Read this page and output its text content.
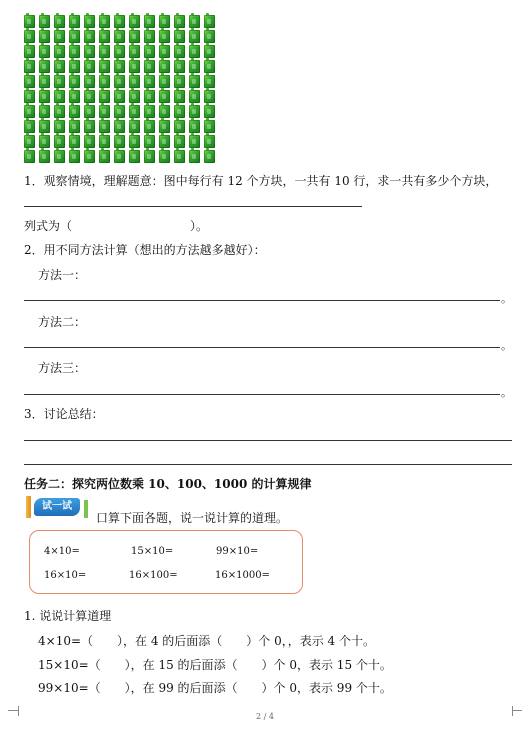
1．观察情境，理解题意：图中每行有 12 个方块，一共有 10 行，求一共有多少个方块，
列式为（	）。
2．用不同方法计算（想出的方法越多越好）：
方法一：
。
方法二：
。
方法三：
。
3．讨论总结：
任务二：探究两位数乘 10、100、1000 的计算规律
试一试
口算下面各题，说一说计算的道理。
4×10=	15×10=	99×10=
16×10=	16×100=	16×1000=
1. 说说计算道理
4×10=（　　），在 4 的后面添（　　）个 0，，表示 4 个十。
15×10=（　　），在 15 的后面添（　　）个 0，表示 15 个十。
99×10=（　　），在 99 的后面添（　　）个 0，表示 99 个十。
2 / 4
